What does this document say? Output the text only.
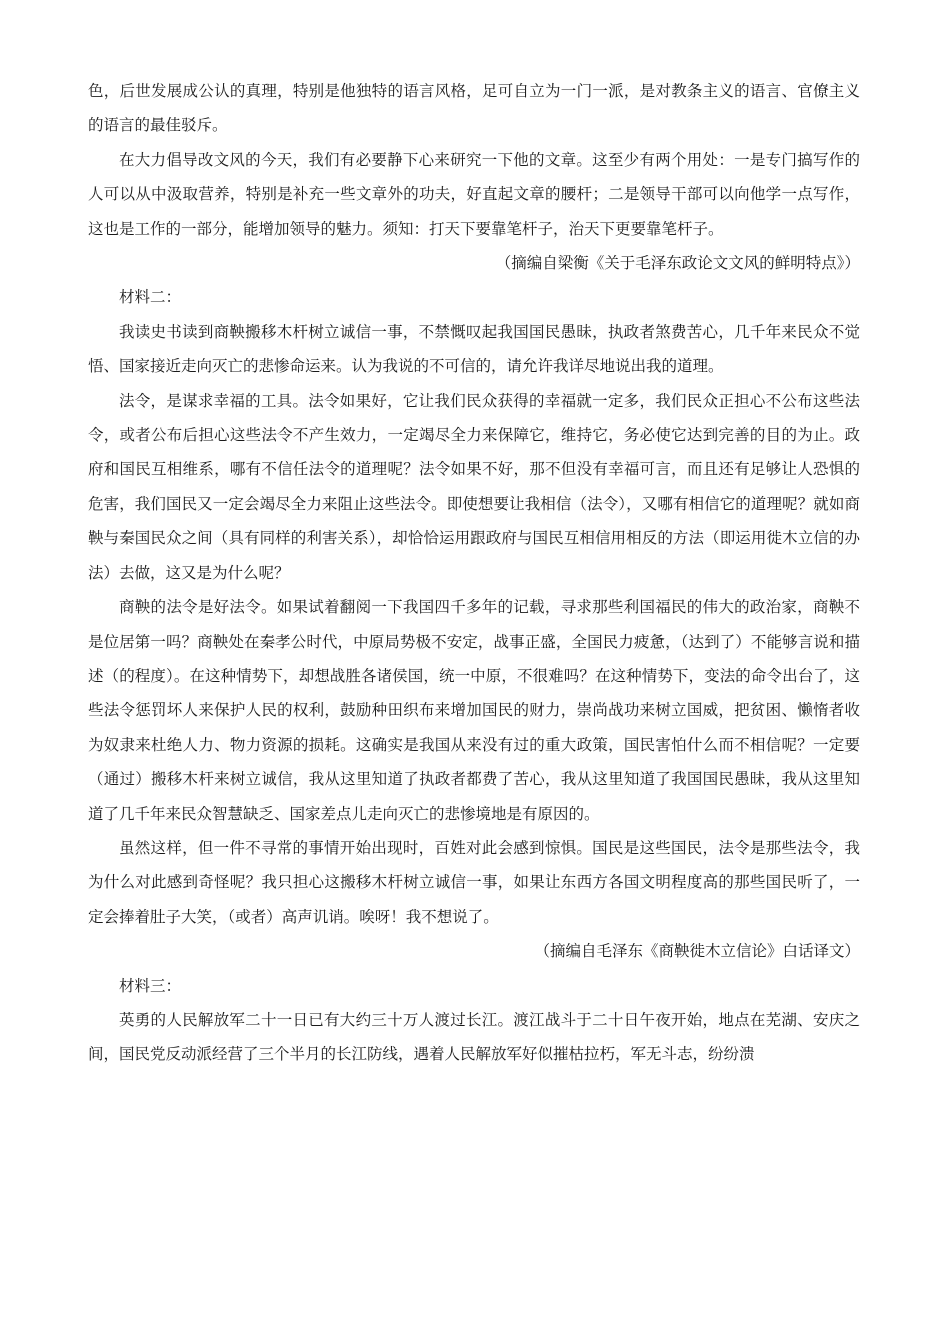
色，后世发展成公认的真理，特别是他独特的语言风格，足可自立为一门一派，是对教条主义的语言、官僚主义的语言的最佳驳斥。

在大力倡导改文风的今天，我们有必要静下心来研究一下他的文章。这至少有两个用处：一是专门搞写作的人可以从中汲取营养，特别是补充一些文章外的功夫，好直起文章的腰杆；二是领导干部可以向他学一点写作，这也是工作的一部分，能增加领导的魅力。须知：打天下要靠笔杆子，治天下更要靠笔杆子。

（摘编自梁衡《关于毛泽东政论文文风的鲜明特点》）

材料二：

我读史书读到商鞅搬移木杆树立诚信一事，不禁慨叹起我国国民愚昧，执政者煞费苦心，几千年来民众不觉悟、国家接近走向灭亡的悲惨命运来。认为我说的不可信的，请允许我详尽地说出我的道理。

法令，是谋求幸福的工具。法令如果好，它让我们民众获得的幸福就一定多，我们民众正担心不公布这些法令，或者公布后担心这些法令不产生效力，一定竭尽全力来保障它，维持它，务必使它达到完善的目的为止。政府和国民互相维系，哪有不信任法令的道理呢？法令如果不好，那不但没有幸福可言，而且还有足够让人恐惧的危害，我们国民又一定会竭尽全力来阻止这些法令。即使想要让我相信（法令），又哪有相信它的道理呢？就如商鞅与秦国民众之间（具有同样的利害关系），却恰恰运用跟政府与国民互相信用相反的方法（即运用徙木立信的办法）去做，这又是为什么呢？

商鞅的法令是好法令。如果试着翻阅一下我国四千多年的记载，寻求那些利国福民的伟大的政治家，商鞅不是位居第一吗？商鞅处在秦孝公时代，中原局势极不安定，战事正盛，全国民力疲惫，（达到了）不能够言说和描述（的程度）。在这种情势下，却想战胜各诸侯国，统一中原，不很难吗？在这种情势下，变法的命令出台了，这些法令惩罚坏人来保护人民的权利，鼓励种田织布来增加国民的财力，崇尚战功来树立国威，把贫困、懒惰者收为奴隶来杜绝人力、物力资源的损耗。这确实是我国从来没有过的重大政策，国民害怕什么而不相信呢？一定要（通过）搬移木杆来树立诚信，我从这里知道了执政者都费了苦心，我从这里知道了我国国民愚昧，我从这里知道了几千年来民众智慧缺乏、国家差点儿走向灭亡的悲惨境地是有原因的。

虽然这样，但一件不寻常的事情开始出现时，百姓对此会感到惊惧。国民是这些国民，法令是那些法令，我为什么对此感到奇怪呢？我只担心这搬移木杆树立诚信一事，如果让东西方各国文明程度高的那些国民听了，一定会捧着肚子大笑，（或者）高声讥诮。唉呀！我不想说了。

（摘编自毛泽东《商鞅徙木立信论》白话译文）

材料三：

英勇的人民解放军二十一日已有大约三十万人渡过长江。渡江战斗于二十日午夜开始，地点在芜湖、安庆之间，国民党反动派经营了三个半月的长江防线，遇着人民解放军好似摧枯拉朽，军无斗志，纷纷溃
